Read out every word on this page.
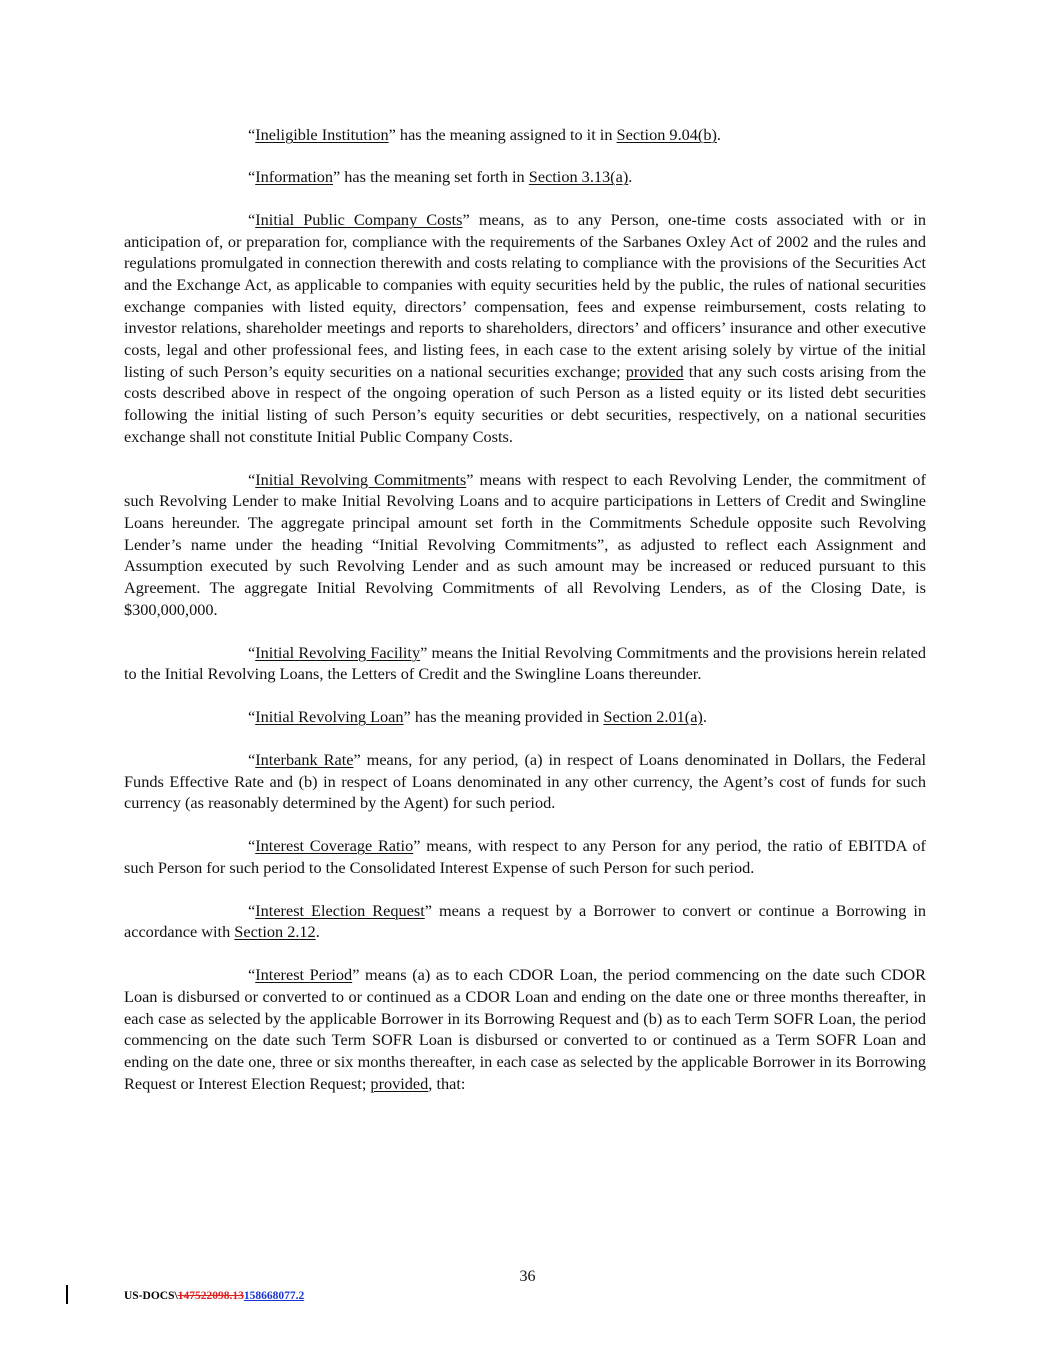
“Ineligible Institution” has the meaning assigned to it in Section 9.04(b).

“Information” has the meaning set forth in Section 3.13(a).

“Initial Public Company Costs” means, as to any Person, one-time costs associated with or in anticipation of, or preparation for, compliance with the requirements of the Sarbanes Oxley Act of 2002 and the rules and regulations promulgated in connection therewith and costs relating to compliance with the provisions of the Securities Act and the Exchange Act, as applicable to companies with equity securities held by the public, the rules of national securities exchange companies with listed equity, directors’ compensation, fees and expense reimbursement, costs relating to investor relations, shareholder meetings and reports to shareholders, directors’ and officers’ insurance and other executive costs, legal and other professional fees, and listing fees, in each case to the extent arising solely by virtue of the initial listing of such Person’s equity securities on a national securities exchange; provided that any such costs arising from the costs described above in respect of the ongoing operation of such Person as a listed equity or its listed debt securities following the initial listing of such Person’s equity securities or debt securities, respectively, on a national securities exchange shall not constitute Initial Public Company Costs.

“Initial Revolving Commitments” means with respect to each Revolving Lender, the commitment of such Revolving Lender to make Initial Revolving Loans and to acquire participations in Letters of Credit and Swingline Loans hereunder. The aggregate principal amount set forth in the Commitments Schedule opposite such Revolving Lender’s name under the heading “Initial Revolving Commitments”, as adjusted to reflect each Assignment and Assumption executed by such Revolving Lender and as such amount may be increased or reduced pursuant to this Agreement. The aggregate Initial Revolving Commitments of all Revolving Lenders, as of the Closing Date, is $300,000,000.

“Initial Revolving Facility” means the Initial Revolving Commitments and the provisions herein related to the Initial Revolving Loans, the Letters of Credit and the Swingline Loans thereunder.

“Initial Revolving Loan” has the meaning provided in Section 2.01(a).

“Interbank Rate” means, for any period, (a) in respect of Loans denominated in Dollars, the Federal Funds Effective Rate and (b) in respect of Loans denominated in any other currency, the Agent’s cost of funds for such currency (as reasonably determined by the Agent) for such period.

“Interest Coverage Ratio” means, with respect to any Person for any period, the ratio of EBITDA of such Person for such period to the Consolidated Interest Expense of such Person for such period.

“Interest Election Request” means a request by a Borrower to convert or continue a Borrowing in accordance with Section 2.12.

“Interest Period” means (a) as to each CDOR Loan, the period commencing on the date such CDOR Loan is disbursed or converted to or continued as a CDOR Loan and ending on the date one or three months thereafter, in each case as selected by the applicable Borrower in its Borrowing Request and (b) as to each Term SOFR Loan, the period commencing on the date such Term SOFR Loan is disbursed or converted to or continued as a Term SOFR Loan and ending on the date one, three or six months thereafter, in each case as selected by the applicable Borrower in its Borrowing Request or Interest Election Request; provided, that:

36
US-DOCS\147522098.13158668077.2
